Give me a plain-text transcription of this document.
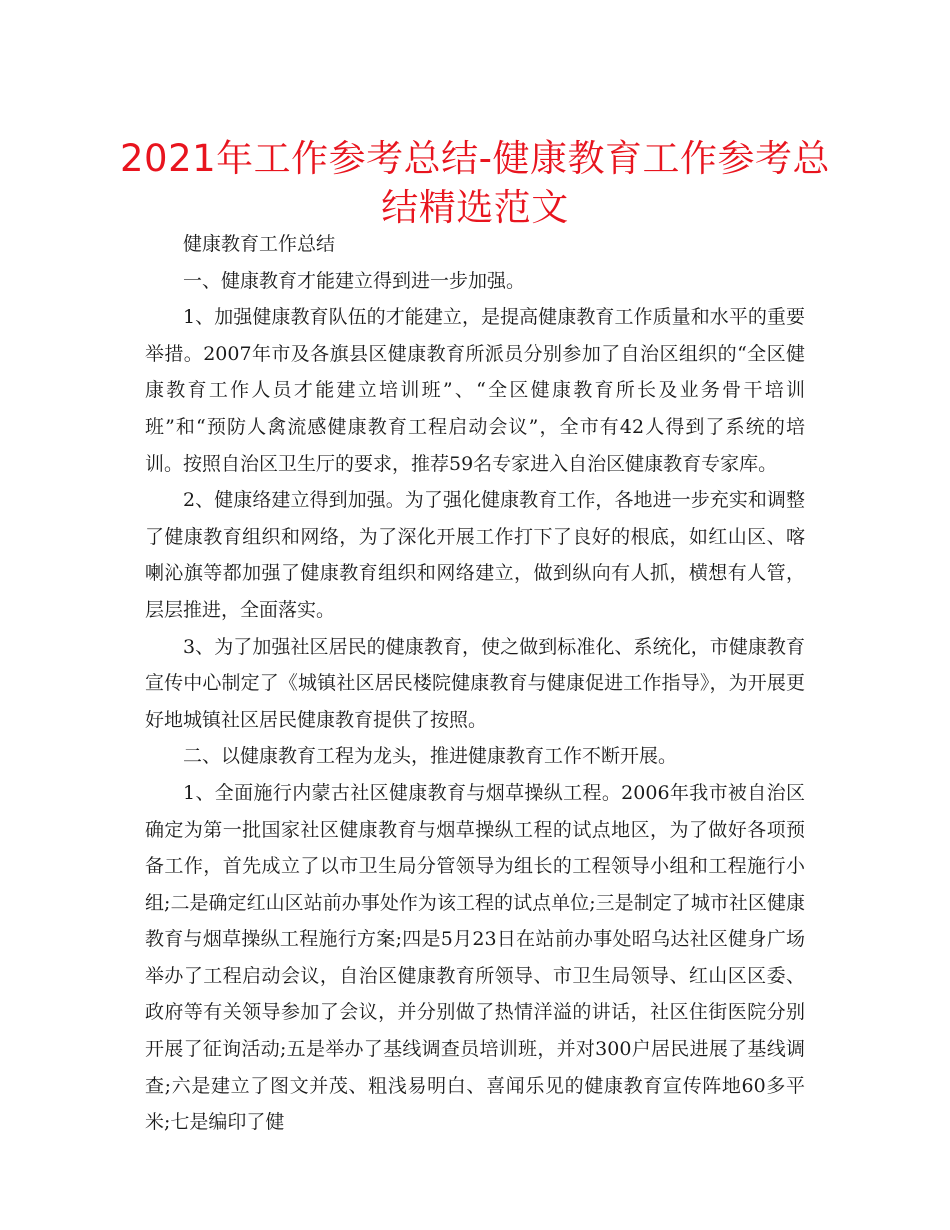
2021年工作参考总结-健康教育工作参考总结精选范文

健康教育工作总结

一、健康教育才能建立得到进一步加强。

1、加强健康教育队伍的才能建立，是提高健康教育工作质量和水平的重要举措。2007年市及各旗县区健康教育所派员分别参加了自治区组织的“全区健康教育工作人员才能建立培训班”、“全区健康教育所长及业务骨干培训班”和“预防人禽流感健康教育工程启动会议”，全市有42人得到了系统的培训。按照自治区卫生厅的要求，推荐59名专家进入自治区健康教育专家库。

2、健康络建立得到加强。为了强化健康教育工作，各地进一步充实和调整了健康教育组织和网络，为了深化开展工作打下了良好的根底，如红山区、喀喇沁旗等都加强了健康教育组织和网络建立，做到纵向有人抓，横想有人管，层层推进，全面落实。

3、为了加强社区居民的健康教育，使之做到标准化、系统化，市健康教育宣传中心制定了《城镇社区居民楼院健康教育与健康促进工作指导》，为开展更好地城镇社区居民健康教育提供了按照。

二、以健康教育工程为龙头，推进健康教育工作不断开展。

1、全面施行内蒙古社区健康教育与烟草操纵工程。2006年我市被自治区确定为第一批国家社区健康教育与烟草操纵工程的试点地区，为了做好各项预备工作，首先成立了以市卫生局分管领导为组长的工程领导小组和工程施行小组;二是确定红山区站前办事处作为该工程的试点单位;三是制定了城市社区健康教育与烟草操纵工程施行方案;四是5月23日在站前办事处昭乌达社区健身广场举办了工程启动会议，自治区健康教育所领导、市卫生局领导、红山区区委、政府等有关领导参加了会议，并分别做了热情洋溢的讲话，社区住街医院分别开展了征询活动;五是举办了基线调查员培训班，并对300户居民进展了基线调查;六是建立了图文并茂、粗浅易明白、喜闻乐见的健康教育宣传阵地60多平米;七是编印了健
